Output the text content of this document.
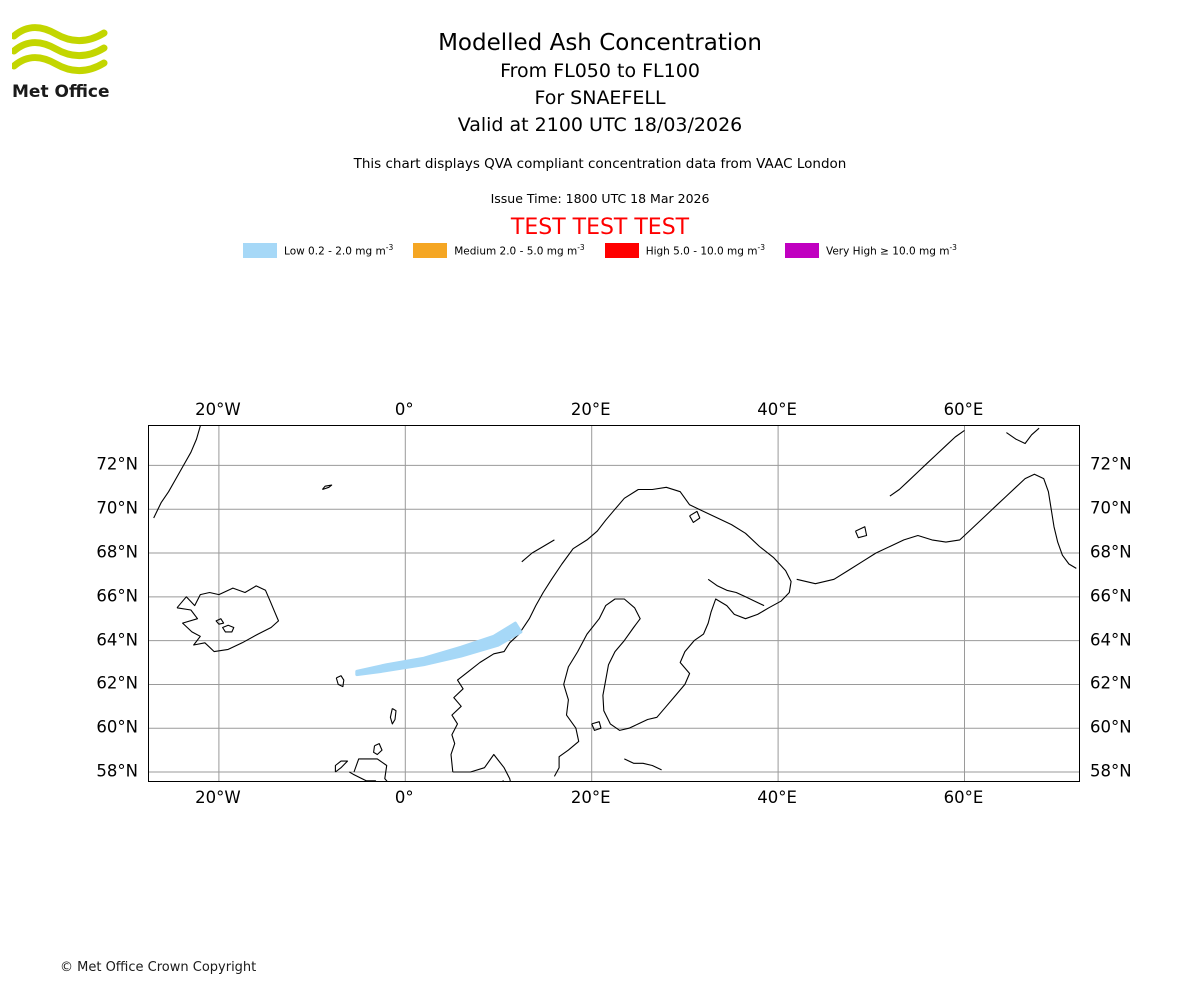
Met Office
Modelled Ash Concentration
From FL050 to FL100
For SNAEFELL
Valid at 2100 UTC 18/03/2026
This chart displays QVA compliant concentration data from VAAC London
Issue Time: 1800 UTC 18 Mar 2026
TEST TEST TEST
Low 0.2 - 2.0 mg $m^{-3}$	Medium 2.0 - 5.0 mg $m^{-3}$	High 5.0 - 10.0 mg $m^{-3}$	Very High ≥ 10.0 mg $m^{-3}$
20°W
20°W
0°
0°
20°E
20°E
40°E
40°E
60°E
60°E
58°N	58°N
60°N	60°N
62°N	62°N
64°N	64°N
66°N	66°N
68°N	68°N
70°N	70°N
72°N	72°N
© Met Office Crown Copyright
